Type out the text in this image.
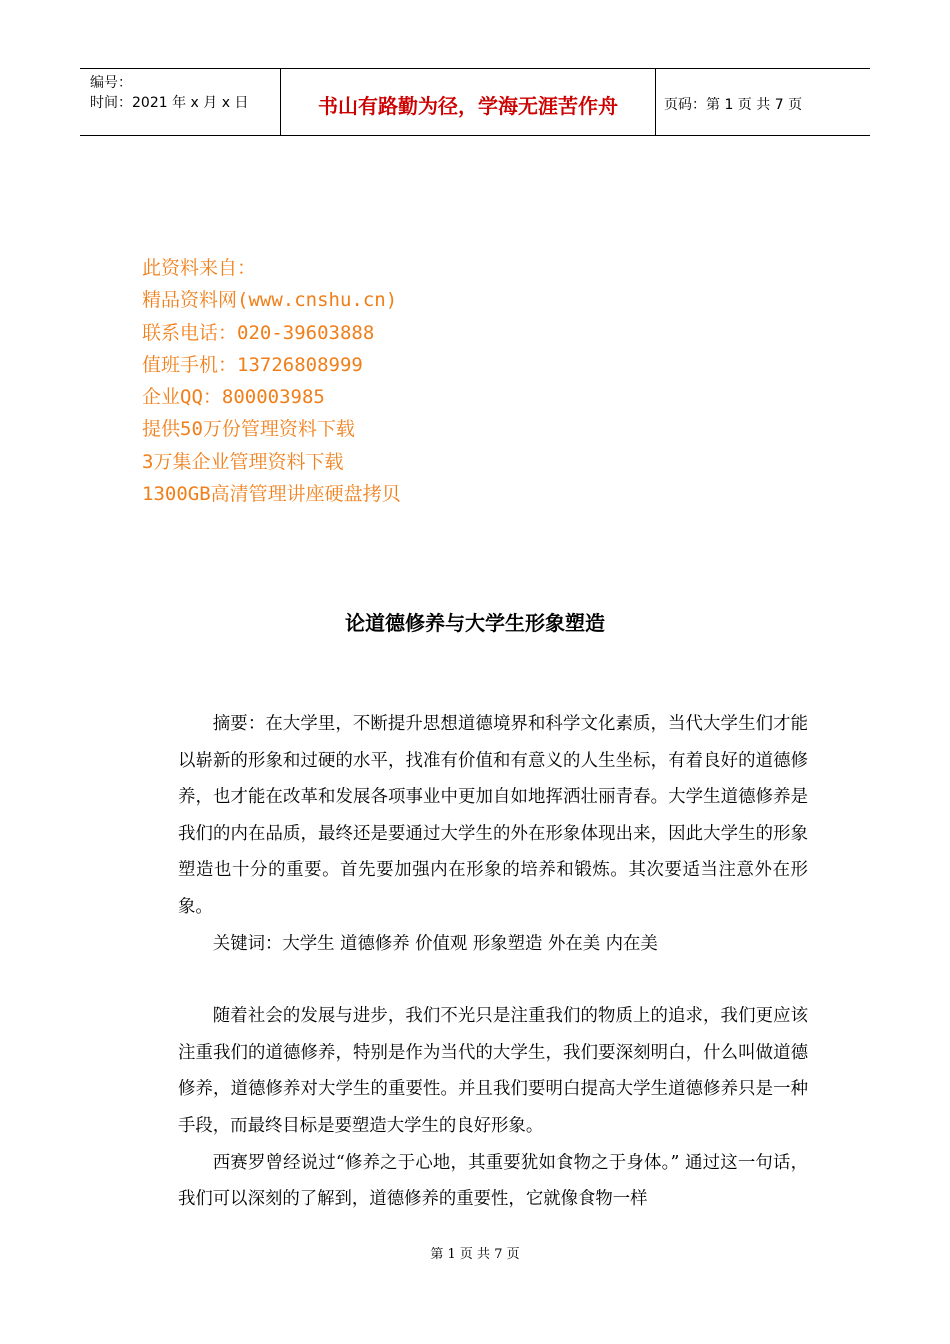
编号：
时间：2021 年 x 月 x 日	书山有路勤为径，学海无涯苦作舟	页码：第 1 页 共 7 页
此资料来自：
精品资料网(www.cnshu.cn)
联系电话：020-39603888
值班手机：13726808999
企业QQ：800003985
提供50万份管理资料下载
3万集企业管理资料下载
1300GB高清管理讲座硬盘拷贝
论道德修养与大学生形象塑造

摘要：在大学里，不断提升思想道德境界和科学文化素质，当代大学生们才能以崭新的形象和过硬的水平，找准有价值和有意义的人生坐标，有着良好的道德修养，也才能在改革和发展各项事业中更加自如地挥洒壮丽青春。大学生道德修养是我们的内在品质，最终还是要通过大学生的外在形象体现出来，因此大学生的形象塑造也十分的重要。首先要加强内在形象的培养和锻炼。其次要适当注意外在形象。

关键词：大学生 道德修养 价值观 形象塑造 外在美 内在美

随着社会的发展与进步，我们不光只是注重我们的物质上的追求，我们更应该注重我们的道德修养，特别是作为当代的大学生，我们要深刻明白，什么叫做道德修养，道德修养对大学生的重要性。并且我们要明白提高大学生道德修养只是一种手段，而最终目标是要塑造大学生的良好形象。

西赛罗曾经说过“修养之于心地，其重要犹如食物之于身体。” 通过这一句话，我们可以深刻的了解到，道德修养的重要性，它就像食物一样

第 1 页 共 7 页
